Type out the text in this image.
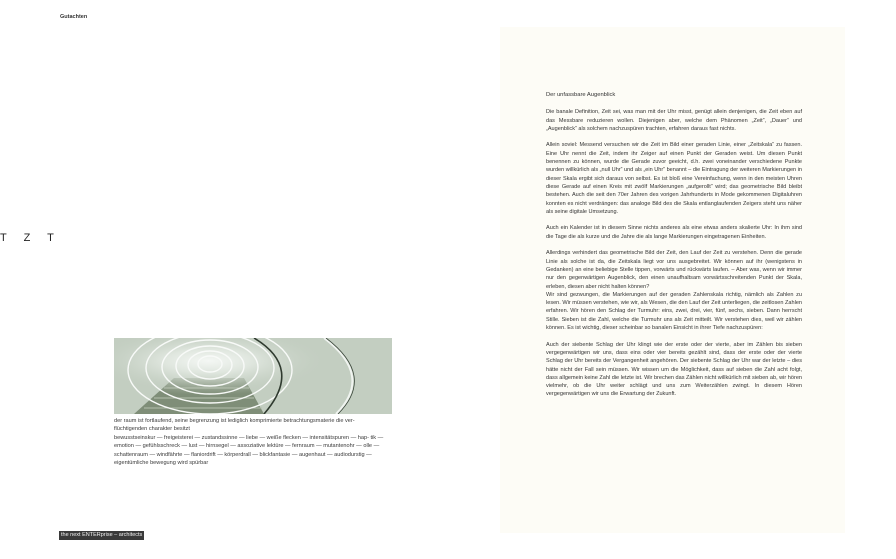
Gutachten
T Z T

der raum ist fortlaufend, seine begrenzung ist lediglich komprimierte betrachtungsmaterie die ver-

flüchtigenden charakter besitzt

bewusstseinskur — freigeisterei — zustandssinne — liebe — weiße flecken — intensitätspuren — hap- tik — emotion — gefühlsschreck — lust — hirnsegel — assoziative lektüre — fernraum — mutantenohr — olle — schattenraum — windfährte — flaniordrift — körperdrall — blickfantasie — augenhaut — audiodurstig — eigentümliche bewegung wird spürbar

the next ENTERprise – architects
Der unfassbare Augenblick

Die banale Definition, Zeit sei, was man mit der Uhr misst, genügt allein denjenigen, die Zeit eben auf das Messbare reduzieren wollen. Diejenigen aber, welche dem Phänomen „Zeit“, „Dauer“ und „Augenblick“ als solchem nachzuspüren trachten, erfahren daraus fast nichts.

Allein soviel: Messend versuchen wir die Zeit im Bild einer geraden Linie, einer „Zeitskala“ zu fassen. Eine Uhr nennt die Zeit, indem ihr Zeiger auf einen Punkt der Geraden weist. Um diesen Punkt benennen zu können, wurde die Gerade zuvor geeicht, d.h. zwei voneinander verschiedene Punkte wurden willkürlich als „null Uhr“ und als „ein Uhr“ benannt – die Eintragung der weiteren Markierungen in dieser Skala ergibt sich daraus von selbst. Es ist bloß eine Vereinfachung, wenn in den meisten Uhren diese Gerade auf einen Kreis mit zwölf Markierungen „aufgerollt“ wird; das geometrische Bild bleibt bestehen. Auch die seit den 70er Jahren des vorigen Jahrhunderts in Mode gekommenen Digitaluhren konnten es nicht verdrängen: das analoge Bild des die Skala entlanglaufenden Zeigers steht uns näher als seine digitale Umsetzung.

Auch ein Kalender ist in diesem Sinne nichts anderes als eine etwas anders skalierte Uhr: In ihm sind die Tage die als kurze und die Jahre die als lange Markierungen eingetragenen Einheiten.

Allerdings verhindert das geometrische Bild der Zeit, den Lauf der Zeit zu verstehen. Denn die gerade Linie als solche ist da, die Zeitskala liegt vor uns ausgebreitet. Wir können auf ihr (wenigstens in Gedanken) an eine beliebige Stelle tippen, vorwärts und rückwärts laufen. – Aber was, wenn wir immer nur den gegenwärtigen Augenblick, den einen unaufhaltsam vorwärtsschreitenden Punkt der Skala, erleben, diesen aber nicht halten können?

Wir sind gezwungen, die Markierungen auf der geraden Zahlenskala richtig, nämlich als Zahlen zu lesen. Wir müssen verstehen, wie wir, als Wesen, die den Lauf der Zeit unterliegen, die zeitlosen Zahlen erfahren. Wir hören den Schlag der Turmuhr: eins, zwei, drei, vier, fünf, sechs, sieben. Dann herrscht Stille. Sieben ist die Zahl, welche die Turmuhr uns als Zeit mitteilt. Wir verstehen dies, weil wir zählen können. Es ist wichtig, dieser scheinbar so banalen Einsicht in ihrer Tiefe nachzuspüren:

Auch der siebente Schlag der Uhr klingt wie der erste oder der vierte, aber im Zählen bis sieben vergegenwärtigen wir uns, dass eins oder vier bereits gezählt sind, dass der erste oder der vierte Schlag der Uhr bereits der Vergangenheit angehören. Der siebente Schlag der Uhr war der letzte – dies hätte nicht der Fall sein müssen. Wir wissen um die Möglichkeit, dass auf sieben die Zahl acht folgt, dass allgemein keine Zahl die letzte ist. Wir brechen das Zählen nicht willkürlich mit sieben ab, wir hören vielmehr, ob die Uhr weiter schlägt und uns zum Weiterzählen zwingt. In diesem Hören vergegenwärtigen wir uns die Erwartung der Zukunft.
